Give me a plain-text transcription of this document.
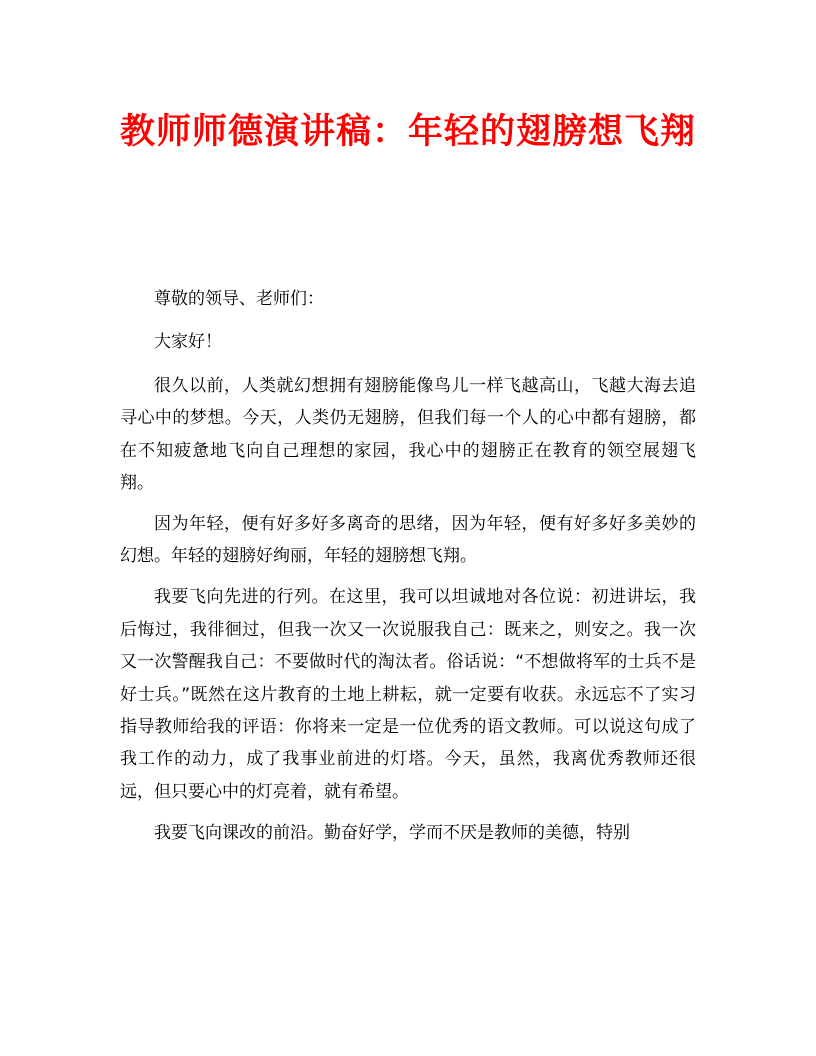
教师师德演讲稿：年轻的翅膀想飞翔

尊敬的领导、老师们：

大家好！

很久以前，人类就幻想拥有翅膀能像鸟儿一样飞越高山，飞越大海去追寻心中的梦想。今天，人类仍无翅膀，但我们每一个人的心中都有翅膀，都在不知疲惫地飞向自己理想的家园，我心中的翅膀正在教育的领空展翅飞翔。

因为年轻，便有好多好多离奇的思绪，因为年轻，便有好多好多美妙的幻想。年轻的翅膀好绚丽，年轻的翅膀想飞翔。

我要飞向先进的行列。在这里，我可以坦诚地对各位说：初进讲坛，我后悔过，我徘徊过，但我一次又一次说服我自己：既来之，则安之。我一次又一次警醒我自己：不要做时代的淘汰者。俗话说：“不想做将军的士兵不是好士兵。”既然在这片教育的土地上耕耘，就一定要有收获。永远忘不了实习指导教师给我的评语：你将来一定是一位优秀的语文教师。可以说这句成了我工作的动力，成了我事业前进的灯塔。今天，虽然，我离优秀教师还很远，但只要心中的灯亮着，就有希望。

我要飞向课改的前沿。勤奋好学，学而不厌是教师的美德，特别
